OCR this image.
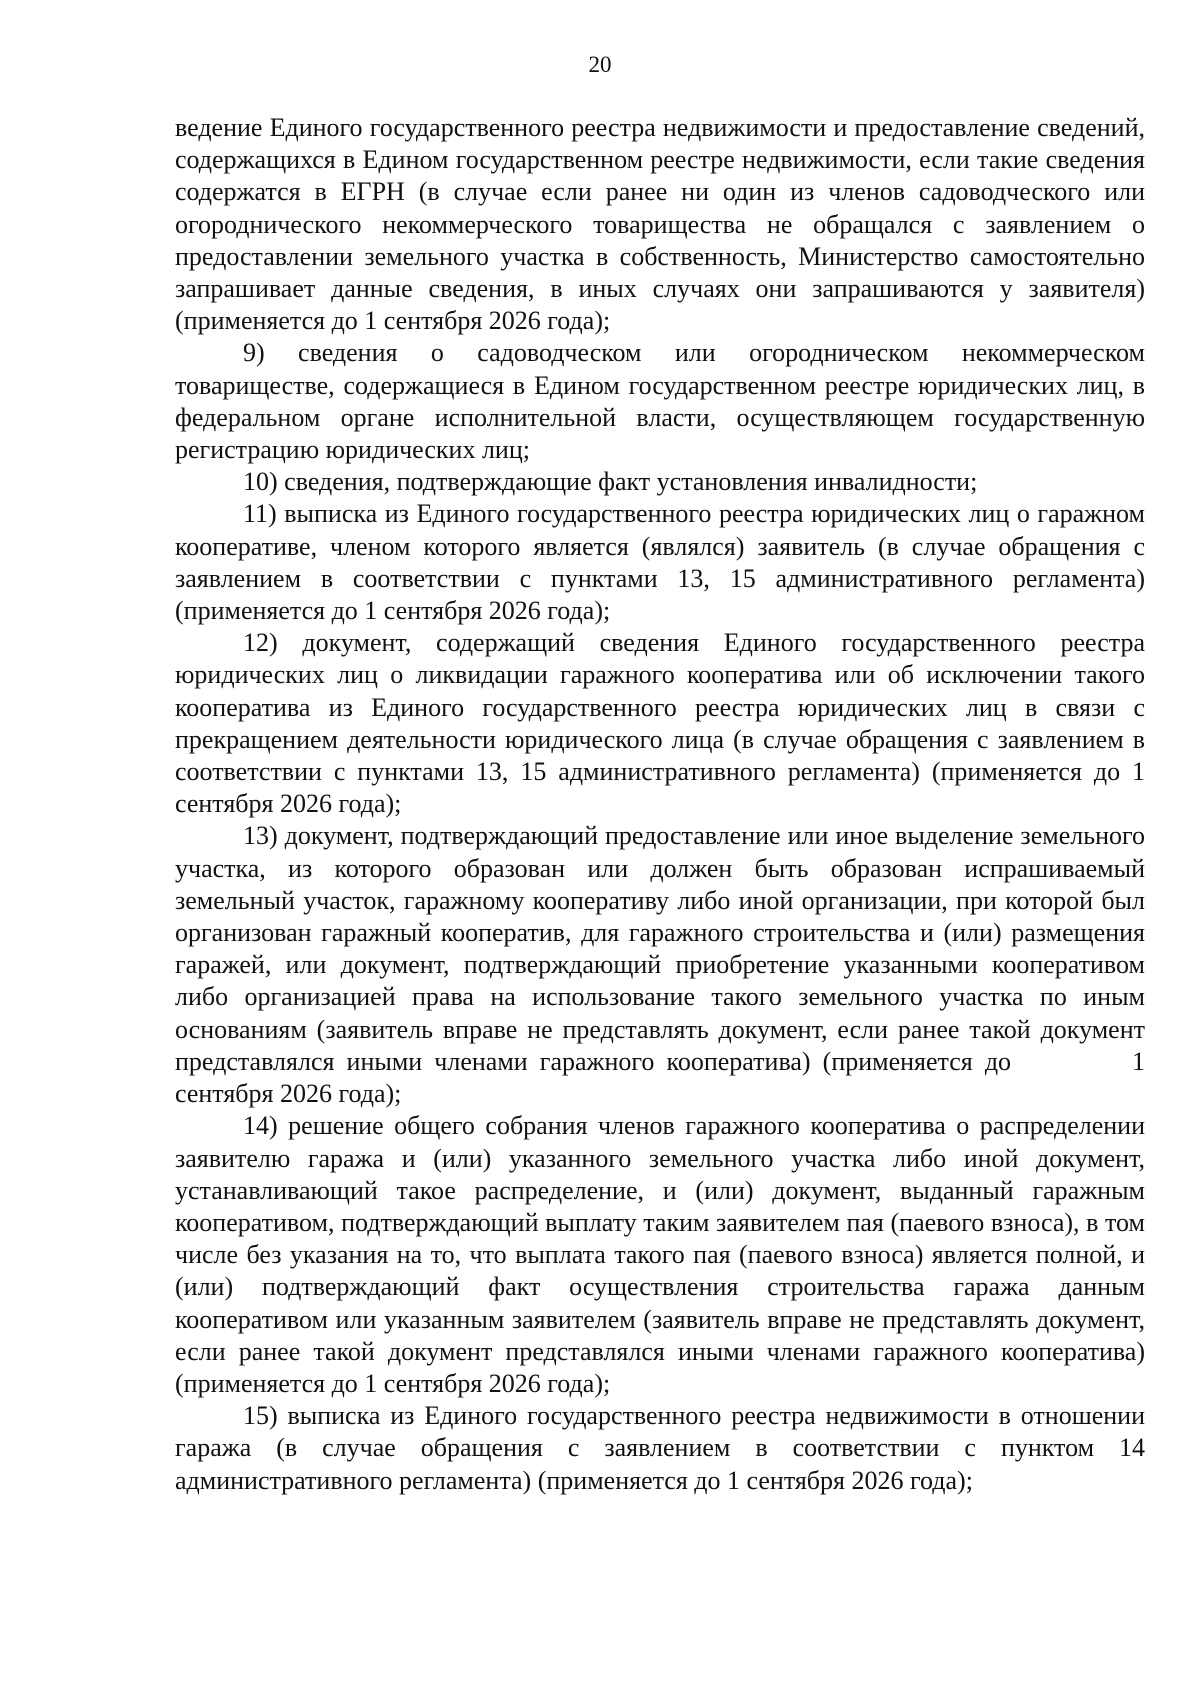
20

ведение Единого государственного реестра недвижимости и предоставление сведений, содержащихся в Едином государственном реестре недвижимости, если такие сведения содержатся в ЕГРН (в случае если ранее ни один из членов садоводческого или огороднического некоммерческого товарищества не обращался с заявлением о предоставлении земельного участка в собственность, Министерство самостоятельно запрашивает данные сведения, в иных случаях они запрашиваются у заявителя) (применяется до 1 сентября 2026 года);

9) сведения о садоводческом или огородническом некоммерческом товариществе, содержащиеся в Едином государственном реестре юридических лиц, в федеральном органе исполнительной власти, осуществляющем государственную регистрацию юридических лиц;

10) сведения, подтверждающие факт установления инвалидности;

11) выписка из Единого государственного реестра юридических лиц о гаражном кооперативе, членом которого является (являлся) заявитель (в случае обращения с заявлением в соответствии с пунктами 13, 15 административного регламента) (применяется до 1 сентября 2026 года);

12) документ, содержащий сведения Единого государственного реестра юридических лиц о ликвидации гаражного кооператива или об исключении такого кооператива из Единого государственного реестра юридических лиц в связи с прекращением деятельности юридического лица (в случае обращения с заявлением в соответствии с пунктами 13, 15 административного регламента) (применяется до 1 сентября 2026 года);

13) документ, подтверждающий предоставление или иное выделение земельного участка, из которого образован или должен быть образован испрашиваемый земельный участок, гаражному кооперативу либо иной организации, при которой был организован гаражный кооператив, для гаражного строительства и (или) размещения гаражей, или документ, подтверждающий приобретение указанными кооперативом либо организацией права на использование такого земельного участка по иным основаниям (заявитель вправе не представлять документ, если ранее такой документ представлялся иными членами гаражного кооператива) (применяется до          1 сентября 2026 года);

14) решение общего собрания членов гаражного кооператива о распределении заявителю гаража и (или) указанного земельного участка либо иной документ, устанавливающий такое распределение, и (или) документ, выданный гаражным кооперативом, подтверждающий выплату таким заявителем пая (паевого взноса), в том числе без указания на то, что выплата такого пая (паевого взноса) является полной, и (или) подтверждающий факт осуществления строительства гаража данным кооперативом или указанным заявителем (заявитель вправе не представлять документ, если ранее такой документ представлялся иными членами гаражного кооператива) (применяется до 1 сентября 2026 года);

15) выписка из Единого государственного реестра недвижимости в отношении гаража (в случае обращения с заявлением в соответствии с пунктом 14 административного регламента) (применяется до 1 сентября 2026 года);
